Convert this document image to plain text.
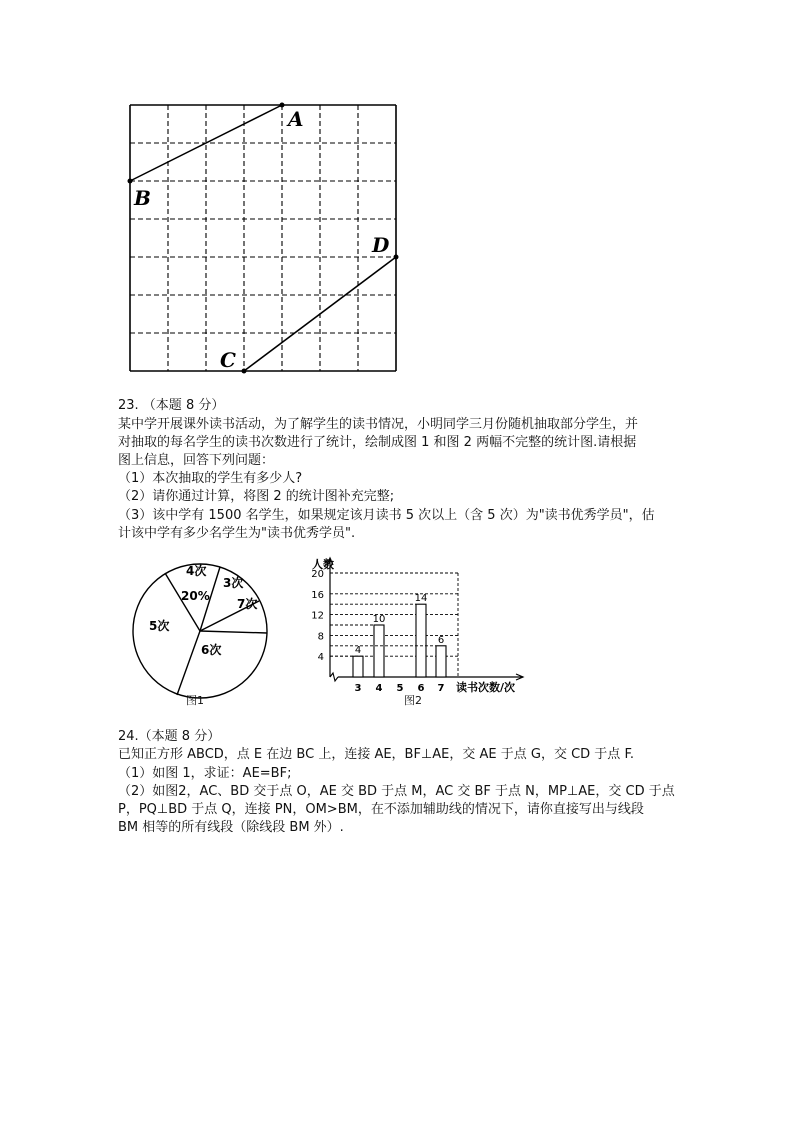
A
B
C
D
23. （本题 8 分）
某中学开展课外读书活动，为了解学生的读书情况，小明同学三月份随机抽取部分学生，并
对抽取的每名学生的读书次数进行了统计，绘制成图 1 和图 2 两幅不完整的统计图.请根据
图上信息，回答下列问题：
（1）本次抽取的学生有多少人?
（2）请你通过计算，将图 2 的统计图补充完整;
（3）该中学有 1500 名学生，如果规定该月读书 5 次以上（含 5 次）为"读书优秀学员"，估
计该中学有多少名学生为"读书优秀学员".
4次
20%
3次
7次
6次
5次
图1
人数
4
8
12
16
20
4
3
10
4 5
14
6
6
7 读书次数/次
图2
24.（本题 8 分）
已知正方形 ABCD，点 E 在边 BC 上，连接 AE，BF⊥AE，交 AE 于点 G，交 CD 于点 F.
（1）如图 1，求证：AE=BF;
（2）如图2，AC、BD 交于点 O，AE 交 BD 于点 M，AC 交 BF 于点 N，MP⊥AE，交 CD 于点
P，PQ⊥BD 于点 Q，连接 PN，OM>BM，在不添加辅助线的情况下，请你直接写出与线段
BM 相等的所有线段（除线段 BM 外）.
